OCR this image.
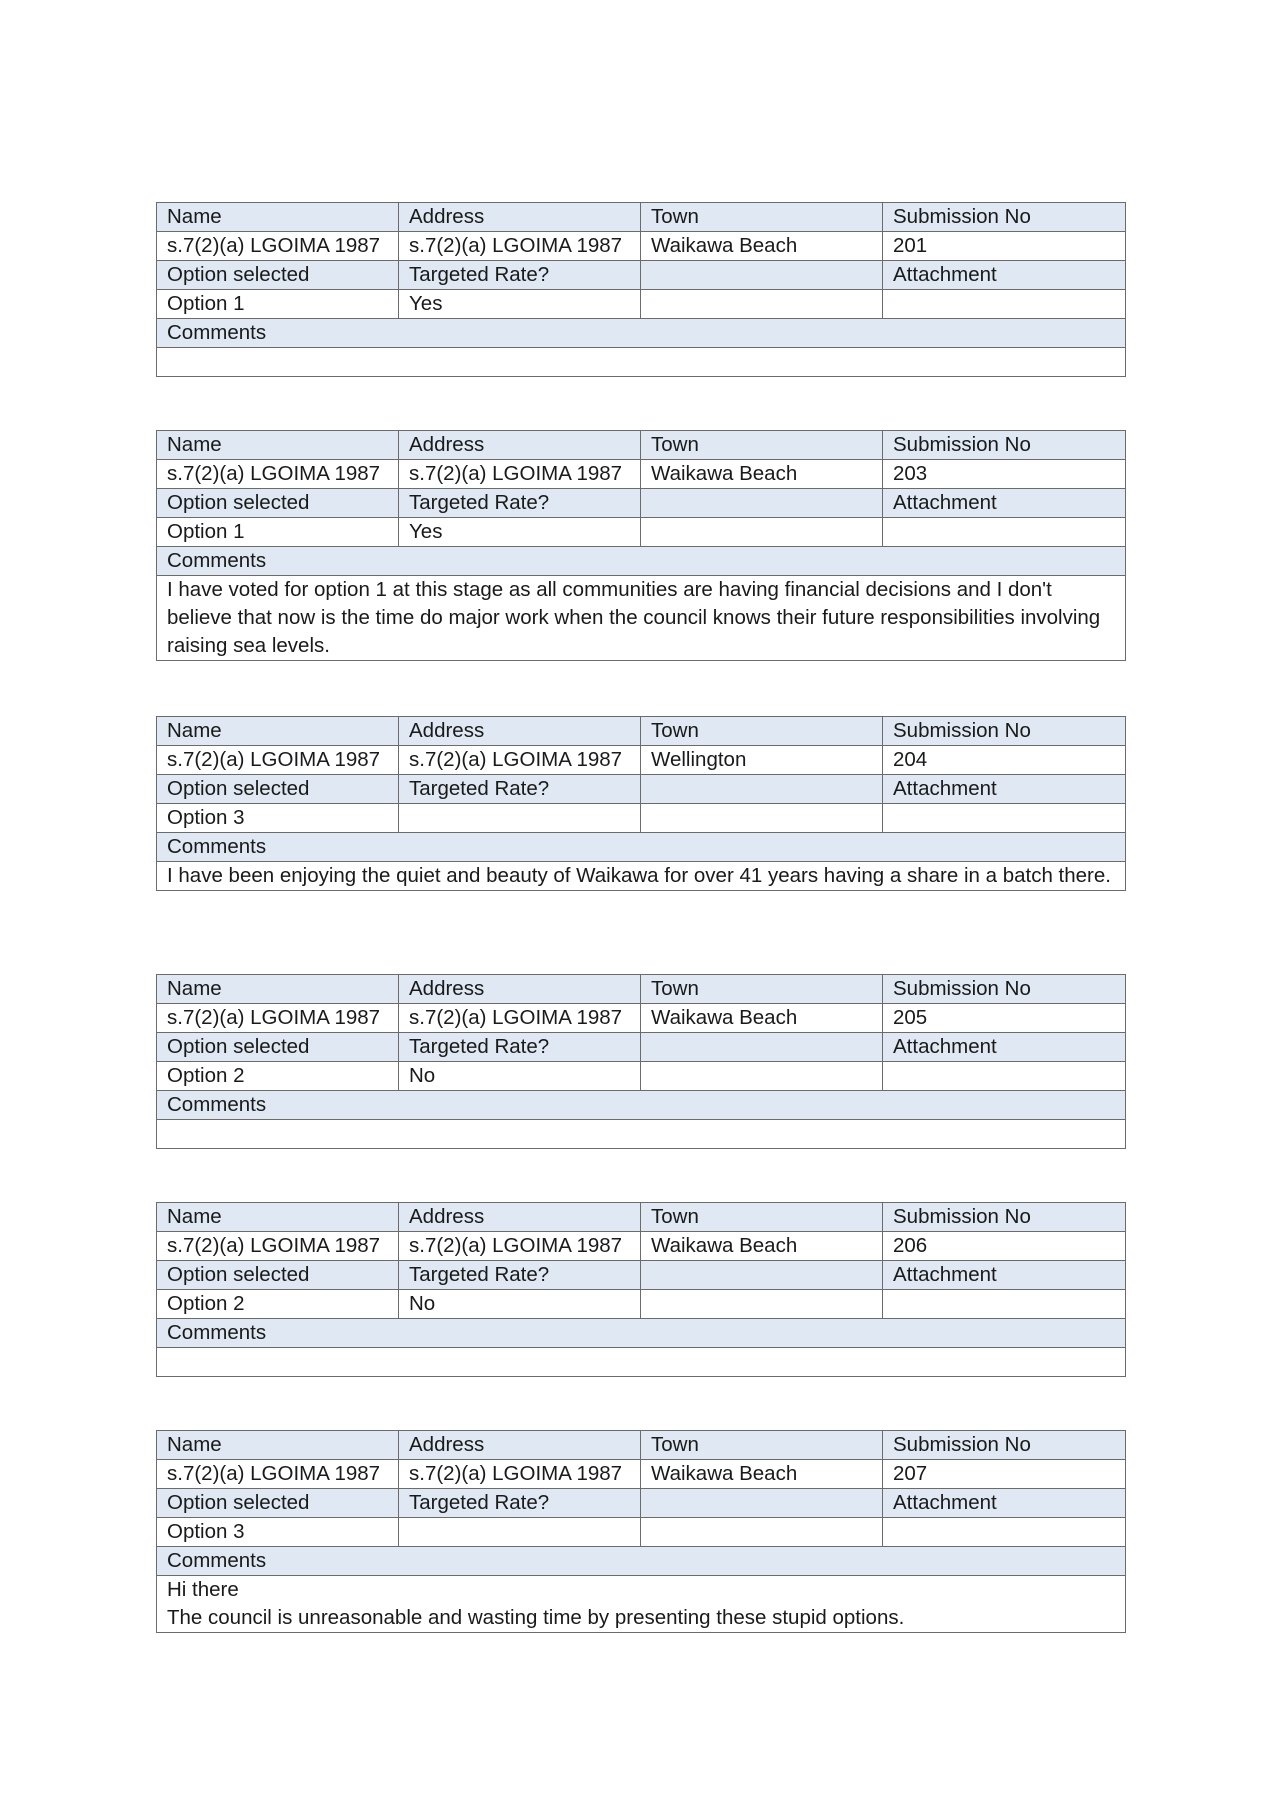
Name	Address	Town	Submission No
s.7(2)(a) LGOIMA 1987	s.7(2)(a) LGOIMA 1987	Waikawa Beach	201
Option selected	Targeted Rate?		Attachment
Option 1	Yes		
Comments			

Name	Address	Town	Submission No
s.7(2)(a) LGOIMA 1987	s.7(2)(a) LGOIMA 1987	Waikawa Beach	203
Option selected	Targeted Rate?		Attachment
Option 1	Yes		
Comments			
I have voted for option 1 at this stage as all communities are having financial decisions and I don't believe that now is the time do major work when the council knows their future responsibilities involving raising sea levels.			
Name	Address	Town	Submission No
s.7(2)(a) LGOIMA 1987	s.7(2)(a) LGOIMA 1987	Wellington	204
Option selected	Targeted Rate?		Attachment
Option 3			
Comments			
I have been enjoying the quiet and beauty of Waikawa for over 41 years having a share in a batch there.			
Name	Address	Town	Submission No
s.7(2)(a) LGOIMA 1987	s.7(2)(a) LGOIMA 1987	Waikawa Beach	205
Option selected	Targeted Rate?		Attachment
Option 2	No		
Comments			

Name	Address	Town	Submission No
s.7(2)(a) LGOIMA 1987	s.7(2)(a) LGOIMA 1987	Waikawa Beach	206
Option selected	Targeted Rate?		Attachment
Option 2	No		
Comments			

Name	Address	Town	Submission No
s.7(2)(a) LGOIMA 1987	s.7(2)(a) LGOIMA 1987	Waikawa Beach	207
Option selected	Targeted Rate?		Attachment
Option 3			
Comments			
Hi there
The council is unreasonable and wasting time by presenting these stupid options.			
